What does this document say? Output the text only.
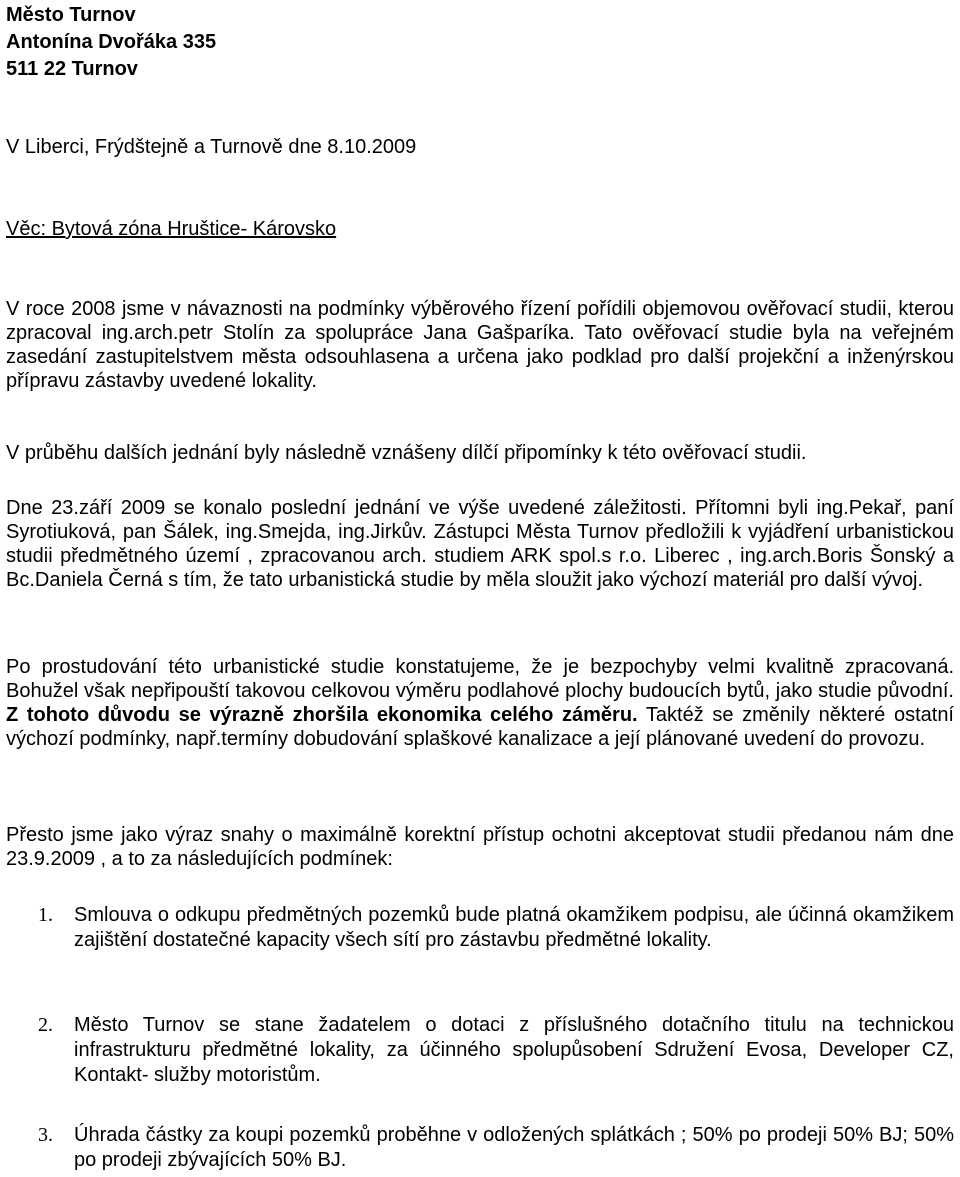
Město Turnov
Antonína Dvořáka 335
511 22 Turnov
V Liberci, Frýdštejně a Turnově dne 8.10.2009
Věc: Bytová zóna Hruštice- Károvsko
V roce 2008 jsme v návaznosti na podmínky výběrového řízení pořídili objemovou ověřovací studii, kterou zpracoval ing.arch.petr Stolín za spolupráce Jana Gašparíka. Tato ověřovací studie byla na veřejném zasedání zastupitelstvem města odsouhlasena a určena jako podklad pro další projekční a inženýrskou přípravu zástavby uvedené lokality.
V průběhu dalších jednání byly následně vznášeny dílčí připomínky k této ověřovací studii.
Dne 23.září 2009 se konalo poslední jednání ve výše uvedené záležitosti. Přítomni byli ing.Pekař, paní Syrotiuková, pan Šálek, ing.Smejda, ing.Jirkův. Zástupci Města Turnov předložili k vyjádření urbanistickou studii předmětného území , zpracovanou arch. studiem ARK spol.s r.o. Liberec , ing.arch.Boris Šonský a Bc.Daniela Černá s tím, že tato urbanistická studie by měla sloužit jako výchozí materiál pro další vývoj.
Po prostudování této urbanistické studie konstatujeme, že je bezpochyby velmi kvalitně zpracovaná. Bohužel však nepřipouští takovou celkovou výměru podlahové plochy budoucích bytů, jako studie původní. Z tohoto důvodu se výrazně zhoršila ekonomika celého záměru. Taktéž se změnily některé ostatní výchozí podmínky, např.termíny dobudování splaškové kanalizace a její plánované uvedení do provozu.
Přesto jsme jako výraz snahy o maximálně korektní přístup ochotni akceptovat studii předanou nám dne 23.9.2009 , a to za následujících podmínek:
1. Smlouva o odkupu předmětných pozemků bude platná okamžikem podpisu, ale účinná okamžikem zajištění dostatečné kapacity všech sítí pro zástavbu předmětné lokality.
2. Město Turnov se stane žadatelem o dotaci z příslušného dotačního titulu na technickou infrastrukturu předmětné lokality, za účinného spolupůsobení Sdružení Evosa, Developer CZ, Kontakt- služby motoristům.
3. Úhrada částky za koupi pozemků proběhne v odložených splátkách ; 50% po prodeji 50% BJ; 50% po prodeji zbývajících 50% BJ.
